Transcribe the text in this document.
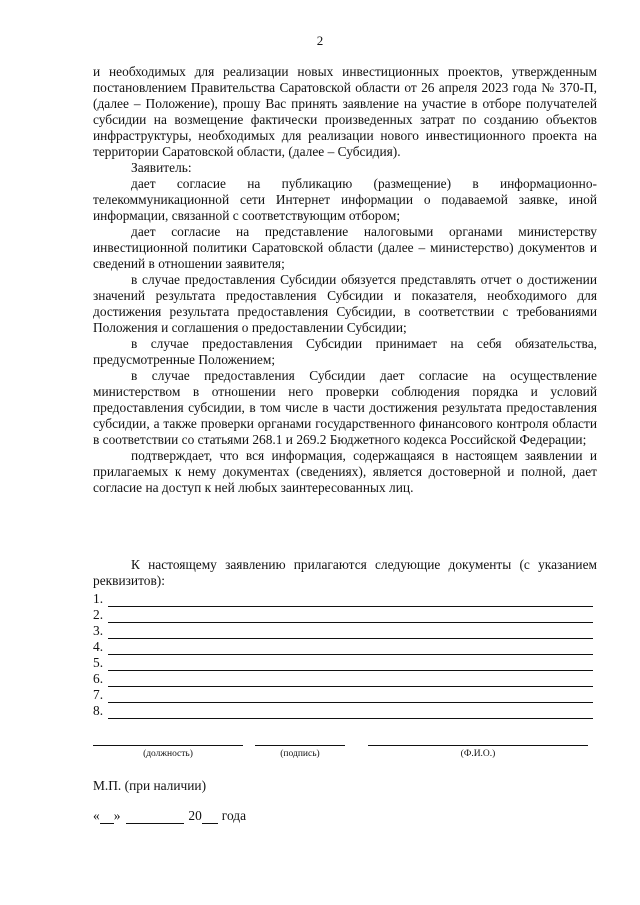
2

и необходимых для реализации новых инвестиционных проектов, утвержденным постановлением Правительства Саратовской области от 26 апреля 2023 года № 370-П, (далее – Положение), прошу Вас принять заявление на участие в отборе получателей субсидии на возмещение фактически произведенных затрат по созданию объектов инфраструктуры, необходимых для реализации нового инвестиционного проекта на территории Саратовской области, (далее – Субсидия).

Заявитель:

дает согласие на публикацию (размещение) в информационно-телекоммуникационной сети Интернет информации о подаваемой заявке, иной информации, связанной с соответствующим отбором;

дает согласие на представление налоговыми органами министерству инвестиционной политики Саратовской области (далее – министерство) документов и сведений в отношении заявителя;

в случае предоставления Субсидии обязуется представлять отчет о достижении значений результата предоставления Субсидии и показателя, необходимого для достижения результата предоставления Субсидии, в соответствии с требованиями Положения и соглашения о предоставлении Субсидии;

в случае предоставления Субсидии принимает на себя обязательства, предусмотренные Положением;

в случае предоставления Субсидии дает согласие на осуществление министерством в отношении него проверки соблюдения порядка и условий предоставления субсидии, в том числе в части достижения результата предоставления субсидии, а также проверки органами государственного финансового контроля области в соответствии со статьями 268.1 и 269.2 Бюджетного кодекса Российской Федерации;

подтверждает, что вся информация, содержащаяся в настоящем заявлении и прилагаемых к нему документах (сведениях), является достоверной и полной, дает согласие на доступ к ней любых заинтересованных лиц.

К настоящему заявлению прилагаются следующие документы (с указанием реквизитов):
1.
2.
3.
4.
5.
6.
7.
8.
(должность)	(подпись)	(Ф.И.О.)
М.П. (при наличии)
« »	20 года
